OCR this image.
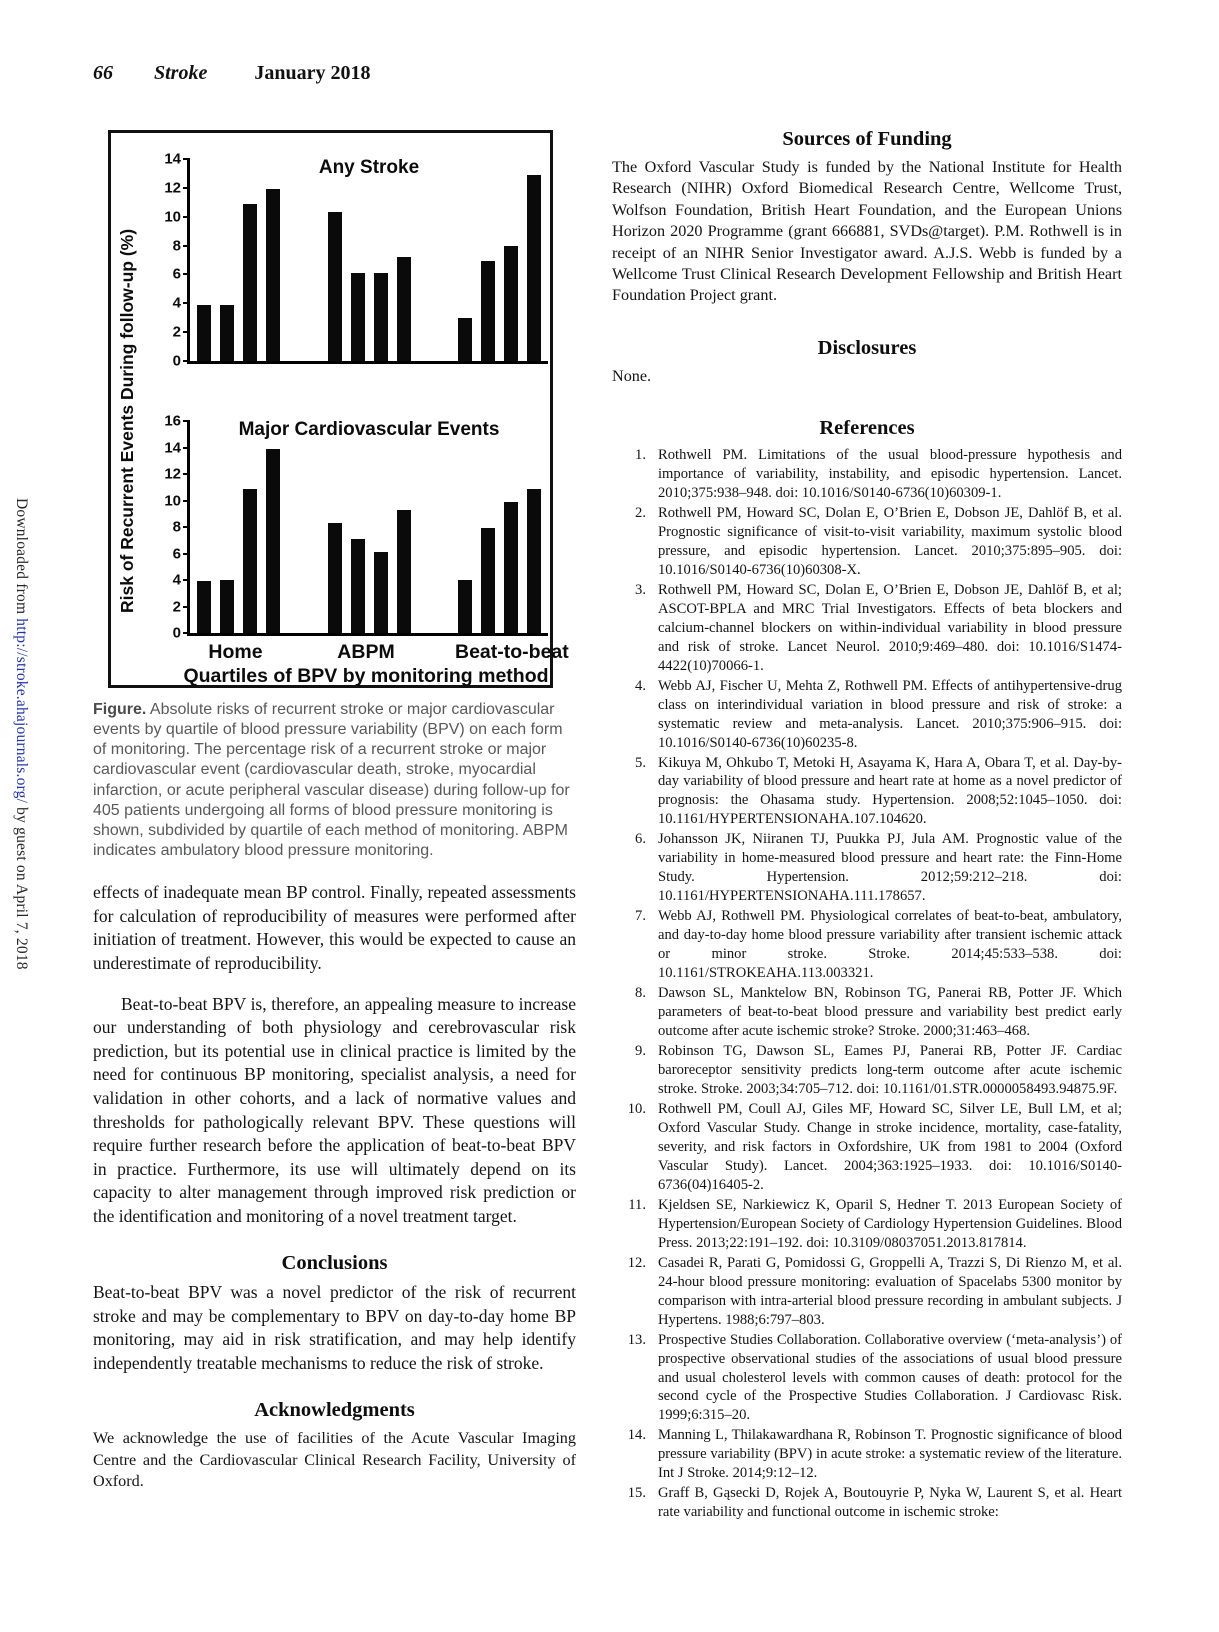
Downloaded from http://stroke.ahajournals.org/ by guest on April 7, 2018
66 Stroke January 2018
Risk of Recurrent Events During follow-up (%)
Any Stroke
0
2
4
6
8
10
12
14
Major Cardiovascular Events
0
2
4
6
8
10
12
14
16
Home	ABPM	Beat-to-beat
Quartiles of BPV by monitoring method
Figure. Absolute risks of recurrent stroke or major cardiovascular events by quartile of blood pressure variability (BPV) on each form of monitoring. The percentage risk of a recurrent stroke or major cardiovascular event (cardiovascular death, stroke, myocardial infarction, or acute peripheral vascular disease) during follow-up for 405 patients undergoing all forms of blood pressure monitoring is shown, subdivided by quartile of each method of monitoring. ABPM indicates ambulatory blood pressure monitoring.

effects of inadequate mean BP control. Finally, repeated assessments for calculation of reproducibility of measures were performed after initiation of treatment. However, this would be expected to cause an underestimate of reproducibility.

Beat-to-beat BPV is, therefore, an appealing measure to increase our understanding of both physiology and cerebrovascular risk prediction, but its potential use in clinical practice is limited by the need for continuous BP monitoring, specialist analysis, a need for validation in other cohorts, and a lack of normative values and thresholds for pathologically relevant BPV. These questions will require further research before the application of beat-to-beat BPV in practice. Furthermore, its use will ultimately depend on its capacity to alter management through improved risk prediction or the identification and monitoring of a novel treatment target.

Conclusions

Beat-to-beat BPV was a novel predictor of the risk of recurrent stroke and may be complementary to BPV on day-to-day home BP monitoring, may aid in risk stratification, and may help identify independently treatable mechanisms to reduce the risk of stroke.

Acknowledgments

We acknowledge the use of facilities of the Acute Vascular Imaging Centre and the Cardiovascular Clinical Research Facility, University of Oxford.

Sources of Funding

The Oxford Vascular Study is funded by the National Institute for Health Research (NIHR) Oxford Biomedical Research Centre, Wellcome Trust, Wolfson Foundation, British Heart Foundation, and the European Unions Horizon 2020 Programme (grant 666881, SVDs@target). P.M. Rothwell is in receipt of an NIHR Senior Investigator award. A.J.S. Webb is funded by a Wellcome Trust Clinical Research Development Fellowship and British Heart Foundation Project grant.

Disclosures

None.

References
1. Rothwell PM. Limitations of the usual blood-pressure hypothesis and importance of variability, instability, and episodic hypertension. Lancet. 2010;375:938–948. doi: 10.1016/S0140-6736(10)60309-1.
2. Rothwell PM, Howard SC, Dolan E, O’Brien E, Dobson JE, Dahlöf B, et al. Prognostic significance of visit-to-visit variability, maximum systolic blood pressure, and episodic hypertension. Lancet. 2010;375:895–905. doi: 10.1016/S0140-6736(10)60308-X.
3. Rothwell PM, Howard SC, Dolan E, O’Brien E, Dobson JE, Dahlöf B, et al; ASCOT-BPLA and MRC Trial Investigators. Effects of beta blockers and calcium-channel blockers on within-individual variability in blood pressure and risk of stroke. Lancet Neurol. 2010;9:469–480. doi: 10.1016/S1474-4422(10)70066-1.
4. Webb AJ, Fischer U, Mehta Z, Rothwell PM. Effects of antihypertensive-drug class on interindividual variation in blood pressure and risk of stroke: a systematic review and meta-analysis. Lancet. 2010;375:906–915. doi: 10.1016/S0140-6736(10)60235-8.
5. Kikuya M, Ohkubo T, Metoki H, Asayama K, Hara A, Obara T, et al. Day-by-day variability of blood pressure and heart rate at home as a novel predictor of prognosis: the Ohasama study. Hypertension. 2008;52:1045–1050. doi: 10.1161/HYPERTENSIONAHA.107.104620.
6. Johansson JK, Niiranen TJ, Puukka PJ, Jula AM. Prognostic value of the variability in home-measured blood pressure and heart rate: the Finn-Home Study. Hypertension. 2012;59:212–218. doi: 10.1161/HYPERTENSIONAHA.111.178657.
7. Webb AJ, Rothwell PM. Physiological correlates of beat-to-beat, ambulatory, and day-to-day home blood pressure variability after transient ischemic attack or minor stroke. Stroke. 2014;45:533–538. doi: 10.1161/STROKEAHA.113.003321.
8. Dawson SL, Manktelow BN, Robinson TG, Panerai RB, Potter JF. Which parameters of beat-to-beat blood pressure and variability best predict early outcome after acute ischemic stroke? Stroke. 2000;31:463–468.
9. Robinson TG, Dawson SL, Eames PJ, Panerai RB, Potter JF. Cardiac baroreceptor sensitivity predicts long-term outcome after acute ischemic stroke. Stroke. 2003;34:705–712. doi: 10.1161/01.STR.0000058493.94875.9F.
10. Rothwell PM, Coull AJ, Giles MF, Howard SC, Silver LE, Bull LM, et al; Oxford Vascular Study. Change in stroke incidence, mortality, case-fatality, severity, and risk factors in Oxfordshire, UK from 1981 to 2004 (Oxford Vascular Study). Lancet. 2004;363:1925–1933. doi: 10.1016/S0140-6736(04)16405-2.
11. Kjeldsen SE, Narkiewicz K, Oparil S, Hedner T. 2013 European Society of Hypertension/European Society of Cardiology Hypertension Guidelines. Blood Press. 2013;22:191–192. doi: 10.3109/08037051.2013.817814.
12. Casadei R, Parati G, Pomidossi G, Groppelli A, Trazzi S, Di Rienzo M, et al. 24-hour blood pressure monitoring: evaluation of Spacelabs 5300 monitor by comparison with intra-arterial blood pressure recording in ambulant subjects. J Hypertens. 1988;6:797–803.
13. Prospective Studies Collaboration. Collaborative overview (‘meta-analysis’) of prospective observational studies of the associations of usual blood pressure and usual cholesterol levels with common causes of death: protocol for the second cycle of the Prospective Studies Collaboration. J Cardiovasc Risk. 1999;6:315–20.
14. Manning L, Thilakawardhana R, Robinson T. Prognostic significance of blood pressure variability (BPV) in acute stroke: a systematic review of the literature. Int J Stroke. 2014;9:12–12.
15. Graff B, Gąsecki D, Rojek A, Boutouyrie P, Nyka W, Laurent S, et al. Heart rate variability and functional outcome in ischemic stroke:
